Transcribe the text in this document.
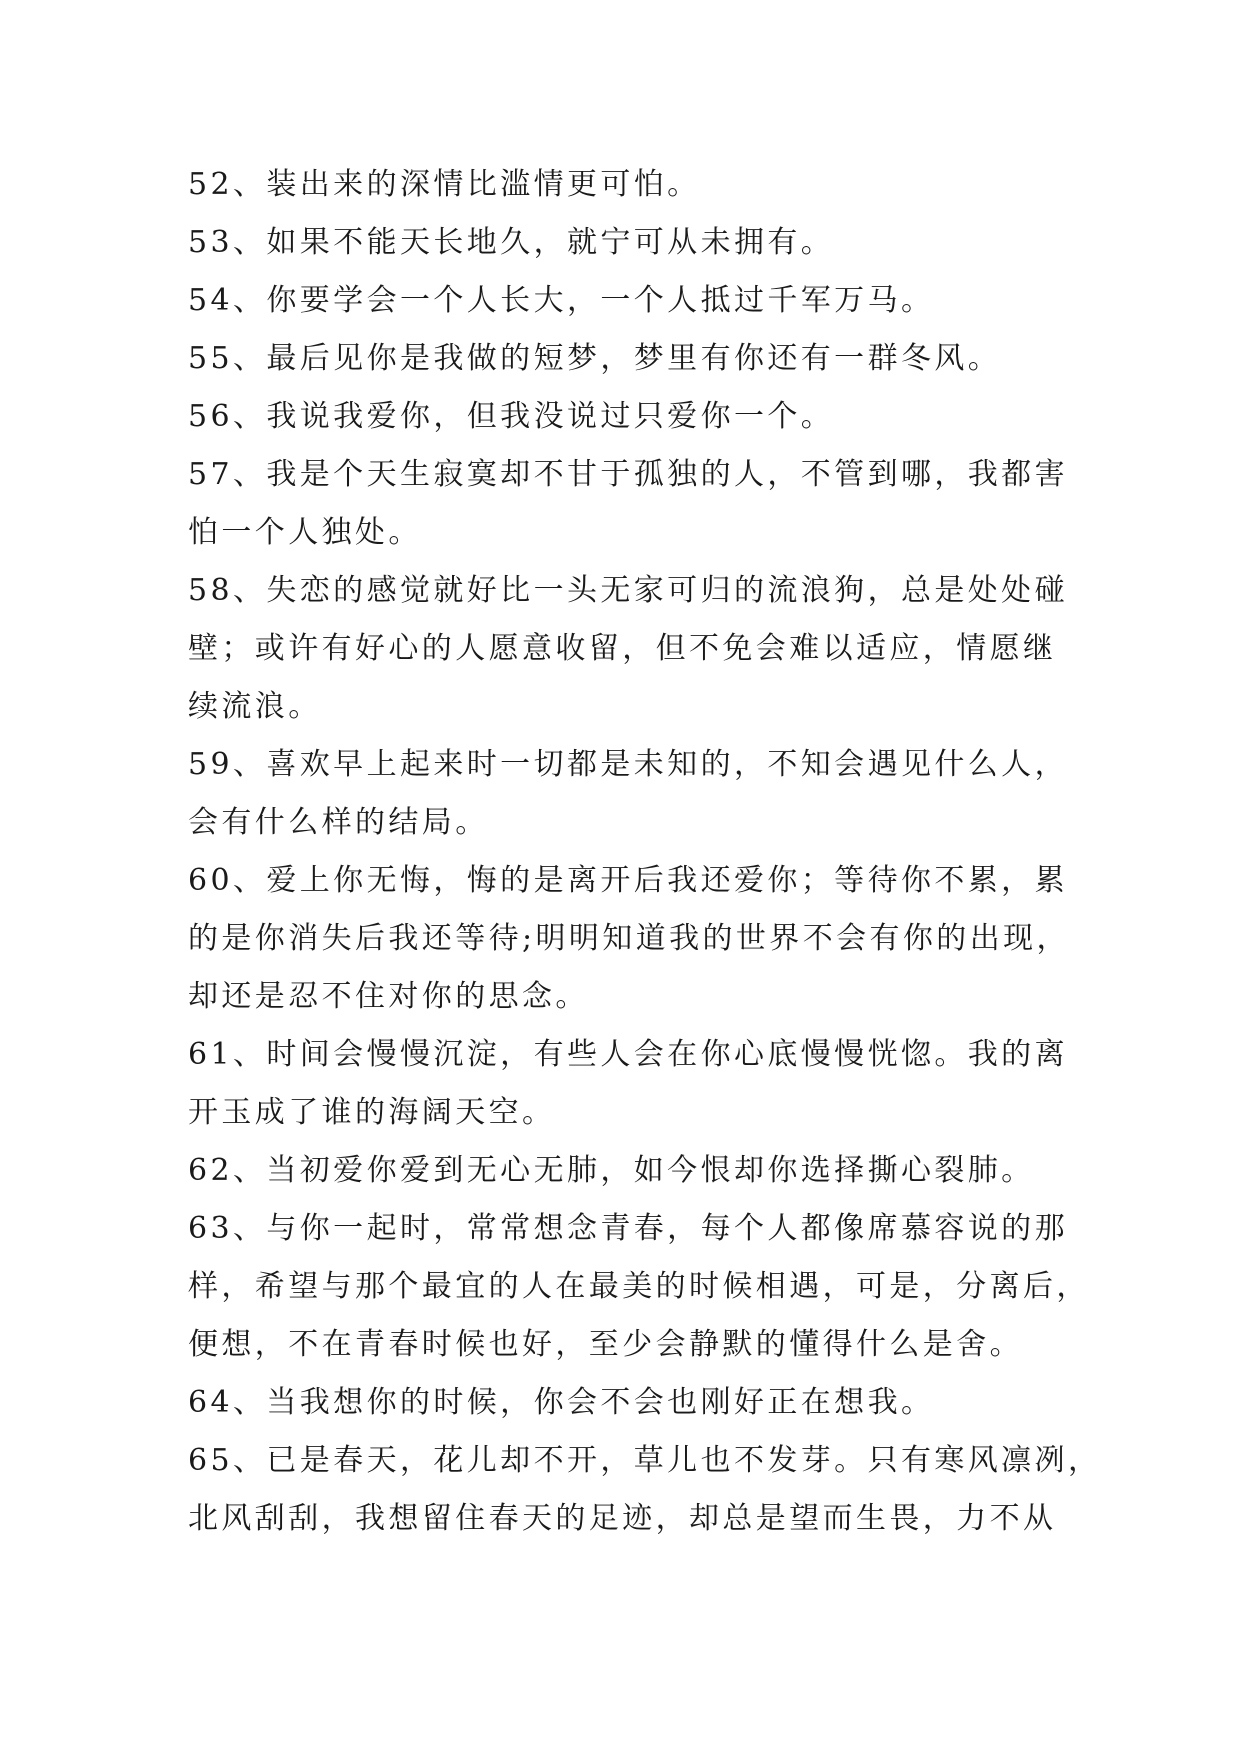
52、装出来的深情比滥情更可怕。
53、如果不能天长地久，就宁可从未拥有。
54、你要学会一个人长大，一个人抵过千军万马。
55、最后见你是我做的短梦，梦里有你还有一群冬风。
56、我说我爱你，但我没说过只爱你一个。
57、我是个天生寂寞却不甘于孤独的人，不管到哪，我都害
怕一个人独处。
58、失恋的感觉就好比一头无家可归的流浪狗，总是处处碰
壁；或许有好心的人愿意收留，但不免会难以适应，情愿继
续流浪。
59、喜欢早上起来时一切都是未知的，不知会遇见什么人，
会有什么样的结局。
60、爱上你无悔，悔的是离开后我还爱你；等待你不累，累
的是你消失后我还等待;明明知道我的世界不会有你的出现，
却还是忍不住对你的思念。
61、时间会慢慢沉淀，有些人会在你心底慢慢恍惚。我的离
开玉成了谁的海阔天空。
62、当初爱你爱到无心无肺，如今恨却你选择撕心裂肺。
63、与你一起时，常常想念青春，每个人都像席慕容说的那
样，希望与那个最宜的人在最美的时候相遇，可是，分离后，
便想，不在青春时候也好，至少会静默的懂得什么是舍。
64、当我想你的时候，你会不会也刚好正在想我。
65、已是春天，花儿却不开，草儿也不发芽。只有寒风凛冽，
北风刮刮，我想留住春天的足迹，却总是望而生畏，力不从
